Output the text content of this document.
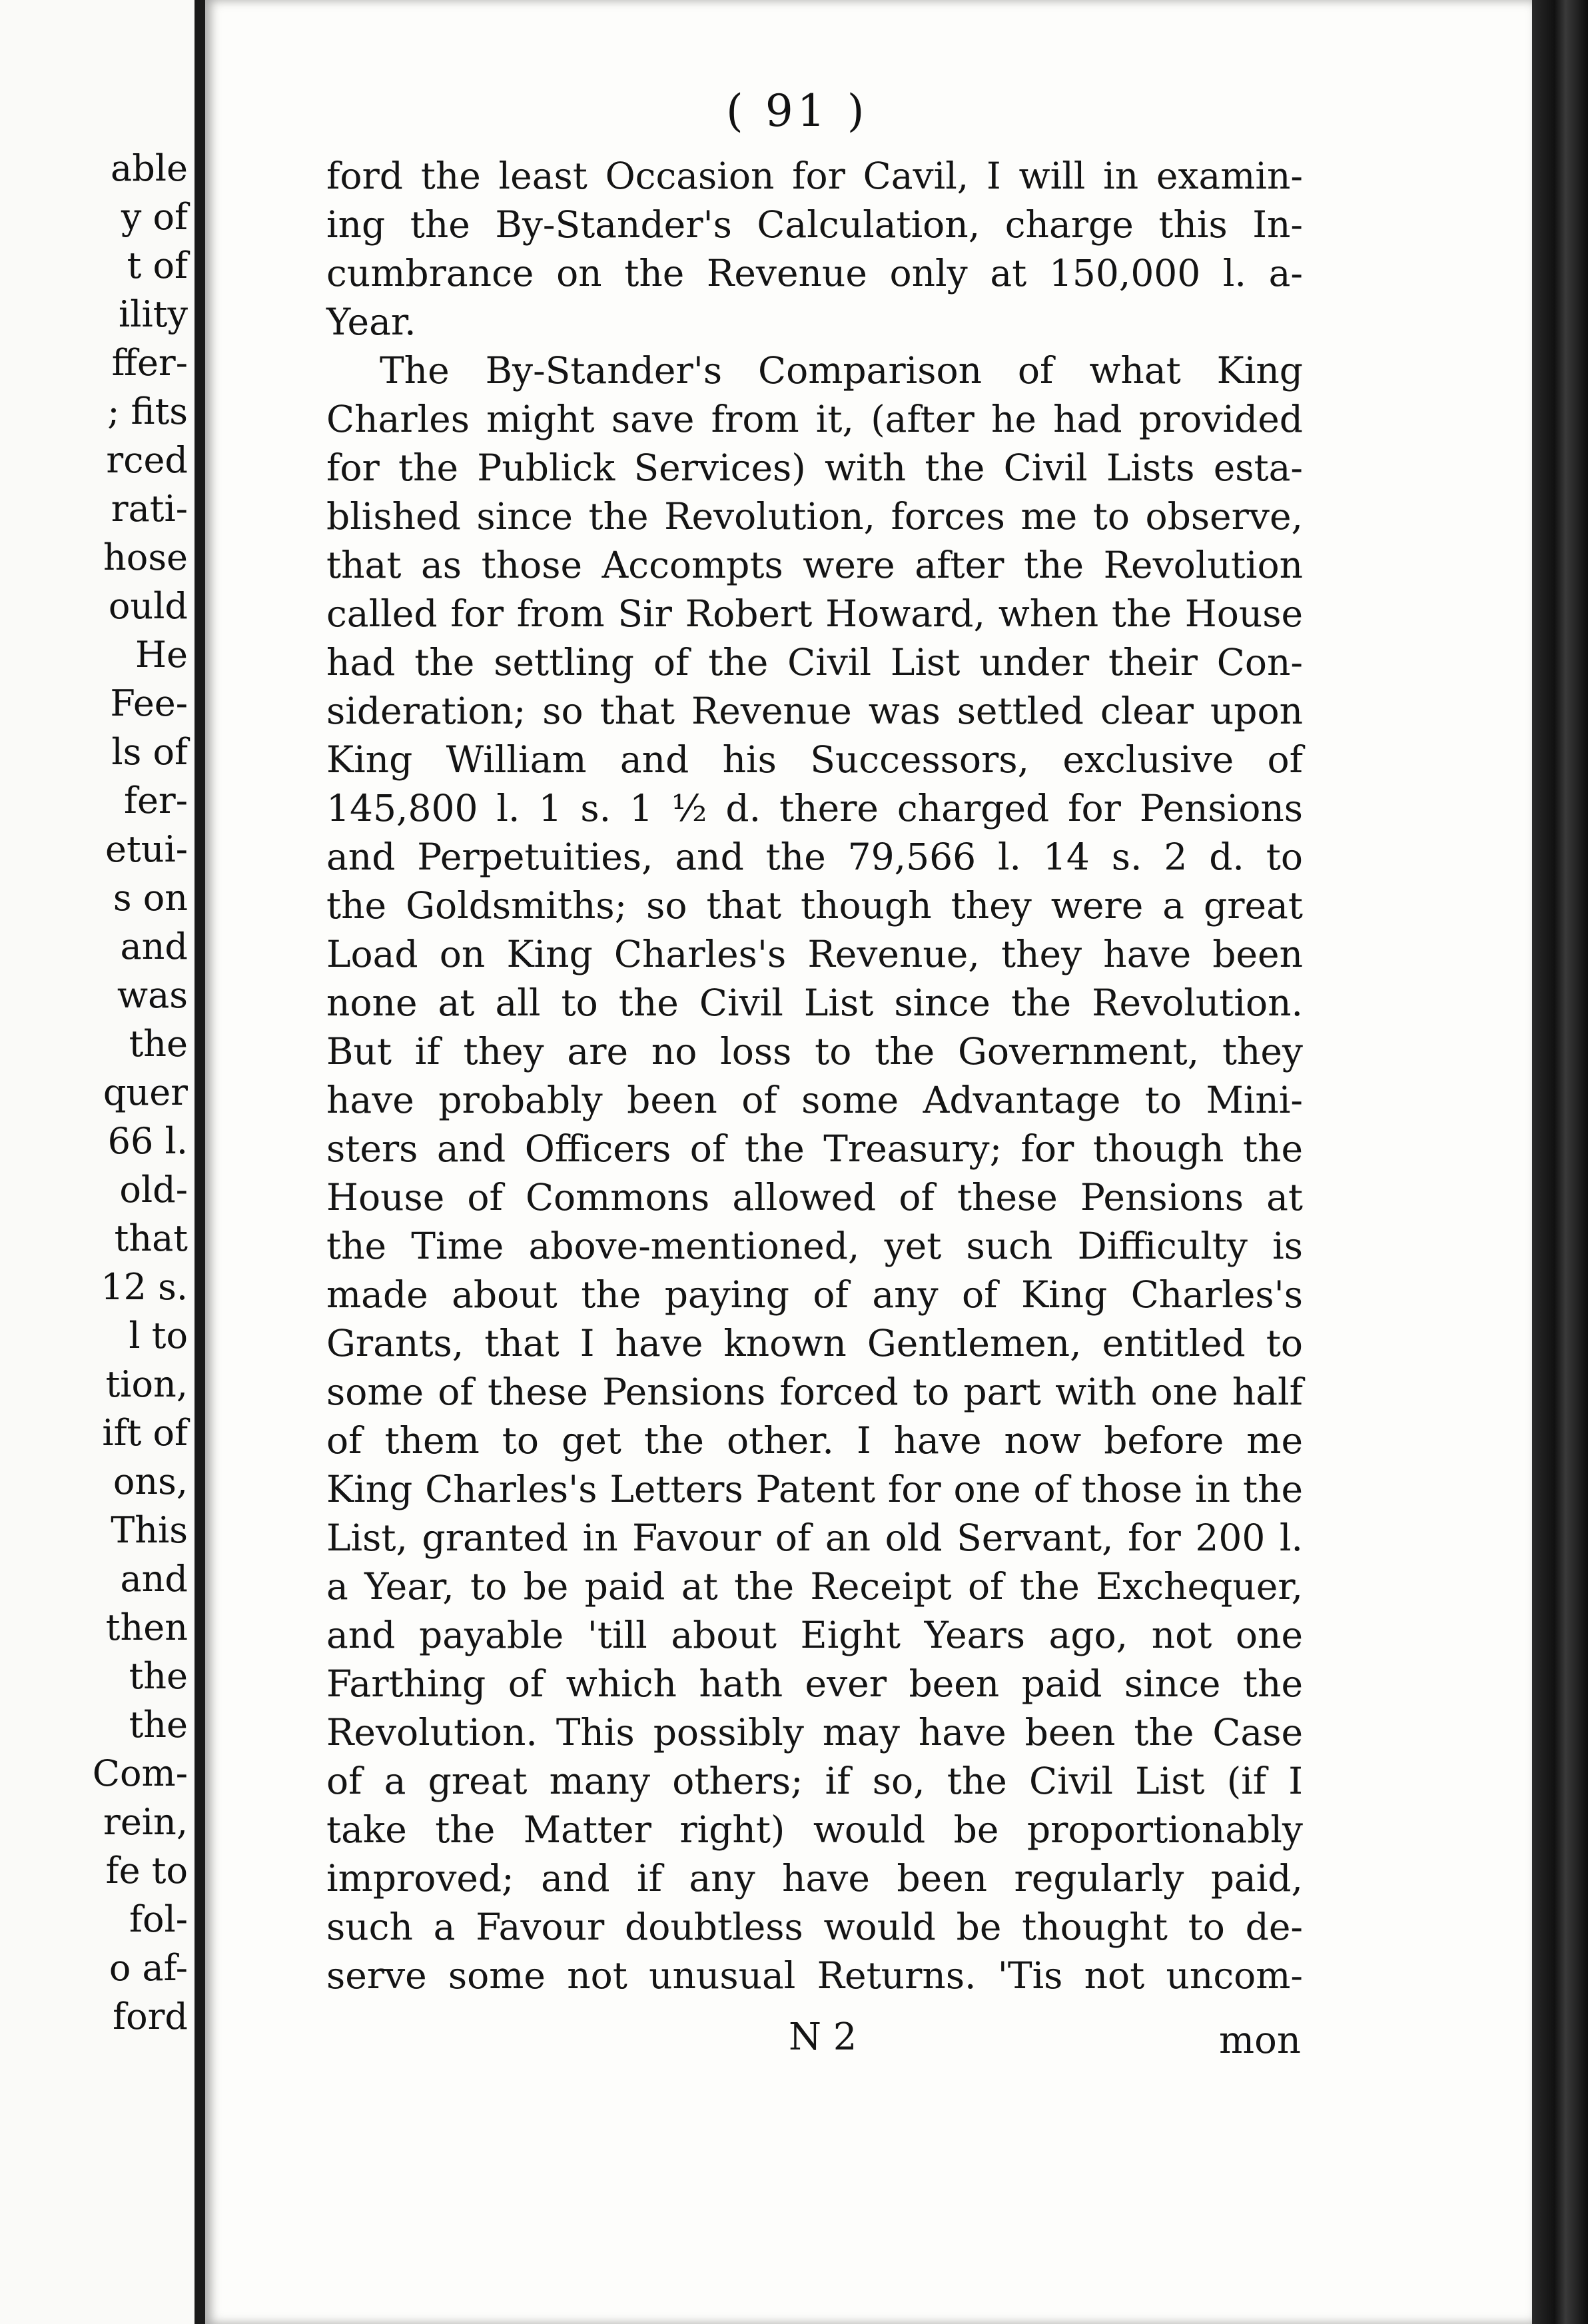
able
y of
t of
ility
ffer-
; fits
rced
rati-
hose
ould
He
Fee-
ls of
fer-
etui-
s on
and
was
the
quer
66 l.
old-
that
12 s.
l to
tion,
ift of
ons,
This
and
then
the
the
Com-
rein,
fe to
fol-
o af-
ford
( 91 )
ford the least Occasion for Cavil, I will in examin-
ing the By-Stander's Calculation, charge this In-
cumbrance on the Revenue only at 150,000 l. a-
Year.
The By-Stander's Comparison of what King
Charles might save from it, (after he had provided
for the Publick Services) with the Civil Lists esta-
blished since the Revolution, forces me to observe,
that as those Accompts were after the Revolution
called for from Sir Robert Howard, when the House
had the settling of the Civil List under their Con-
sideration; so that Revenue was settled clear upon
King William and his Successors, exclusive of
145,800 l. 1 s. 1 ½ d. there charged for Pensions
and Perpetuities, and the 79,566 l. 14 s. 2 d. to
the Goldsmiths; so that though they were a great
Load on King Charles's Revenue, they have been
none at all to the Civil List since the Revolution.
But if they are no loss to the Government, they
have probably been of some Advantage to Mini-
sters and Officers of the Treasury; for though the
House of Commons allowed of these Pensions at
the Time above-mentioned, yet such Difficulty is
made about the paying of any of King Charles's
Grants, that I have known Gentlemen, entitled to
some of these Pensions forced to part with one half
of them to get the other. I have now before me
King Charles's Letters Patent for one of those in the
List, granted in Favour of an old Servant, for 200 l.
a Year, to be paid at the Receipt of the Exchequer,
and payable 'till about Eight Years ago, not one
Farthing of which hath ever been paid since the
Revolution. This possibly may have been the Case
of a great many others; if so, the Civil List (if I
take the Matter right) would be proportionably
improved; and if any have been regularly paid,
such a Favour doubtless would be thought to de-
serve some not unusual Returns. 'Tis not uncom-
N 2	mon
